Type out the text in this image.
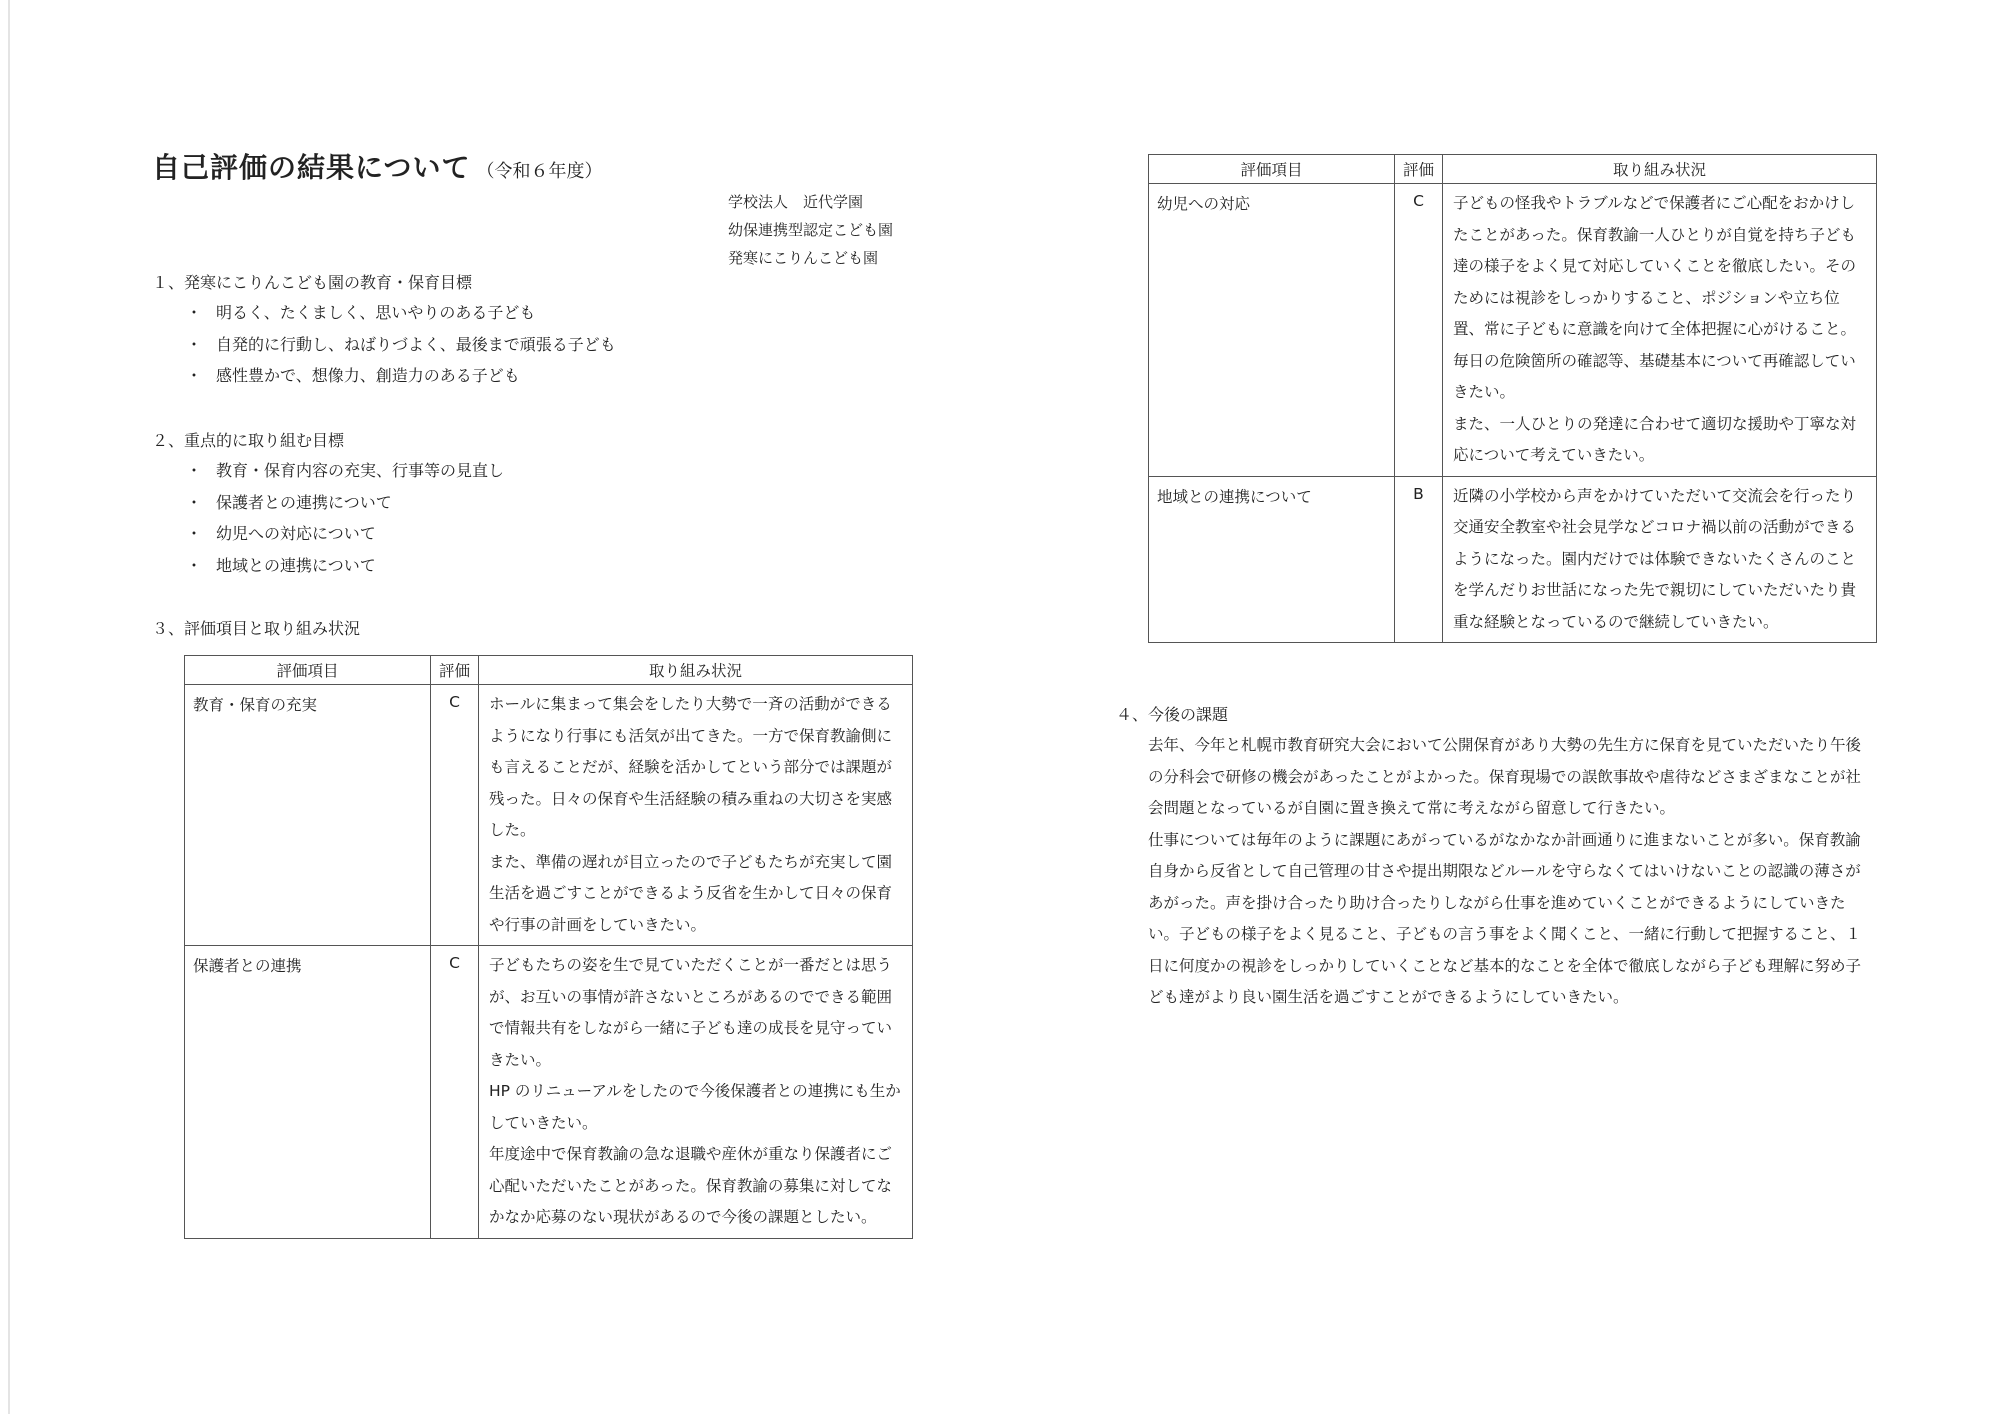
自己評価の結果について （令和６年度）
学校法人　近代学園
幼保連携型認定こども園
発寒にこりんこども園
１、発寒にこりんこども園の教育・保育目標
・ 明るく、たくましく、思いやりのある子ども
・ 自発的に行動し、ねばりづよく、最後まで頑張る子ども
・ 感性豊かで、想像力、創造力のある子ども
２、重点的に取り組む目標
・ 教育・保育内容の充実、行事等の見直し
・ 保護者との連携について
・ 幼児への対応について
・ 地域との連携について
３、評価項目と取り組み状況
評価項目	評価	取り組み状況
教育・保育の充実	C	ホールに集まって集会をしたり大勢で一斉の活動ができるようになり行事にも活気が出てきた。一方で保育教諭側にも言えることだが、経験を活かしてという部分では課題が残った。日々の保育や生活経験の積み重ねの大切さを実感した。
また、準備の遅れが目立ったので子どもたちが充実して園生活を過ごすことができるよう反省を生かして日々の保育や行事の計画をしていきたい。
保護者との連携	C	子どもたちの姿を生で見ていただくことが一番だとは思うが、お互いの事情が許さないところがあるのでできる範囲で情報共有をしながら一緒に子ども達の成長を見守っていきたい。
HP のリニューアルをしたので今後保護者との連携にも生かしていきたい。
年度途中で保育教諭の急な退職や産休が重なり保護者にご心配いただいたことがあった。保育教諭の募集に対してなかなか応募のない現状があるので今後の課題としたい。
評価項目	評価	取り組み状況
幼児への対応	C	子どもの怪我やトラブルなどで保護者にご心配をおかけしたことがあった。保育教諭一人ひとりが自覚を持ち子ども達の様子をよく見て対応していくことを徹底したい。そのためには視診をしっかりすること、ポジションや立ち位置、常に子どもに意識を向けて全体把握に心がけること。毎日の危険箇所の確認等、基礎基本について再確認していきたい。
また、一人ひとりの発達に合わせて適切な援助や丁寧な対応について考えていきたい。
地域との連携について	B	近隣の小学校から声をかけていただいて交流会を行ったり交通安全教室や社会見学などコロナ禍以前の活動ができるようになった。園内だけでは体験できないたくさんのことを学んだりお世話になった先で親切にしていただいたり貴重な経験となっているので継続していきたい。
４、今後の課題

去年、今年と札幌市教育研究大会において公開保育があり大勢の先生方に保育を見ていただいたり午後の分科会で研修の機会があったことがよかった。保育現場での誤飲事故や虐待などさまざまなことが社会問題となっているが自園に置き換えて常に考えながら留意して行きたい。
仕事については毎年のように課題にあがっているがなかなか計画通りに進まないことが多い。保育教諭自身から反省として自己管理の甘さや提出期限などルールを守らなくてはいけないことの認識の薄さがあがった。声を掛け合ったり助け合ったりしながら仕事を進めていくことができるようにしていきたい。子どもの様子をよく見ること、子どもの言う事をよく聞くこと、一緒に行動して把握すること、１日に何度かの視診をしっかりしていくことなど基本的なことを全体で徹底しながら子ども理解に努め子ども達がより良い園生活を過ごすことができるようにしていきたい。
